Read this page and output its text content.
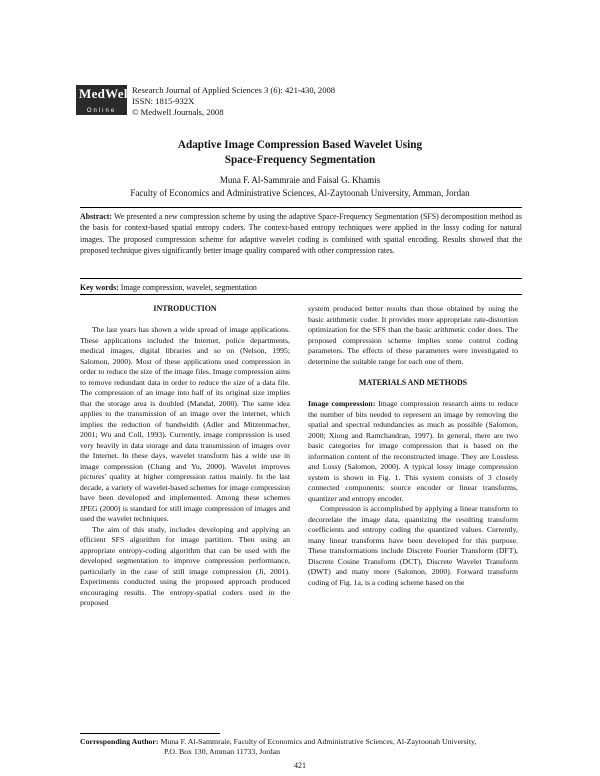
MedWell
Online
Research Journal of Applied Sciences 3 (6): 421-430, 2008
ISSN: 1815-932X
© Medwell Journals, 2008
Adaptive Image Compression Based Wavelet Using
Space-Frequency Segmentation
Muna F. Al-Sammraie and Faisal G. Khamis
Faculty of Economics and Administrative Sciences, Al-Zaytoonah University, Amman, Jordan
Abstract: We presented a new compression scheme by using the adaptive Space-Frequency Segmentation (SFS) decomposition method as the basis for context-based spatial entropy coders. The context-based entropy techniques were applied in the lossy coding for natural images. The proposed compression scheme for adaptive wavelet coding is combined with spatial encoding. Results showed that the proposed technique gives significantly better image quality compared with other compression rates.
Key words: Image compression, wavelet, segmentation
INTRODUCTION

The last years has shown a wide spread of image applications. These applications included the Internet, police departments, medical images, digital libraries and so on (Nelson, 1995; Salomon, 2000). Most of these applications used compression in order to reduce the size of the image files. Image compression aims to remove redundant data in order to reduce the size of a data file. The compression of an image into half of its original size implies that the storage area is doubled (Mandal, 2000). The same idea applies to the transmission of an image over the internet, which implies the reduction of bandwidth (Adler and Mitzenmacher, 2001; Wu and Coll, 1993). Currently, image compression is used very heavily in data storage and data transmission of images over the Internet. In these days, wavelet transform has a wide use in image compression (Chang and Yu, 2000). Wavelet improves pictures' quality at higher compression ratios mainly. In the last decade, a variety of wavelet-based schemes for image compression have been developed and implemented. Among these schemes JPEG (2000) is standard for still image compression of images and used the wavelet techniques.

The aim of this study, includes developing and applying an efficient SFS algorithm for image partition. Then using an appropriate entropy-coding algorithm that can be used with the developed segmentation to improve compression performance, particularly in the case of still image compression (Ji, 2001). Experiments conducted using the proposed approach produced encouraging results. The entropy-spatial coders used in the proposed

system produced better results than those obtained by using the basic arithmetic coder. It provides more appropriate rate-distortion optimization for the SFS than the basic arithmetic coder does. The proposed compression scheme implies some control coding parameters. The effects of these parameters were investigated to determine the suitable range for each one of them.

MATERIALS AND METHODS

Image compression: Image compression research aims to reduce the number of bits needed to represent an image by removing the spatial and spectral redundancies as much as possible (Salomon, 2000; Xiong and Ramchandran, 1997). In general, there are two basic categories for image compression that is based on the information content of the reconstructed image. They are Lossless and Lossy (Salomon, 2000). A typical lossy image compression system is shown in Fig. 1. This system consists of 3 closely connected components: source encoder or linear transforms, quantizer and entropy encoder.

Compression is accomplished by applying a linear transform to decorrelate the image data, quantizing the resulting transform coefficients and entropy coding the quantized values. Currently, many linear transforms have been developed for this purpose. These transformations include Discrete Fourier Transform (DFT), Discrete Cosine Transform (DCT), Discrete Wavelet Transform (DWT) and many more (Salomon, 2000). Forward transform coding of Fig. 1a, is a coding scheme based on the

Corresponding Author: Muna F. Al-Sammraie, Faculty of Economics and Administrative Sciences, Al-Zaytoonah University,
P.O. Box 130, Amman 11733, Jordan
421
